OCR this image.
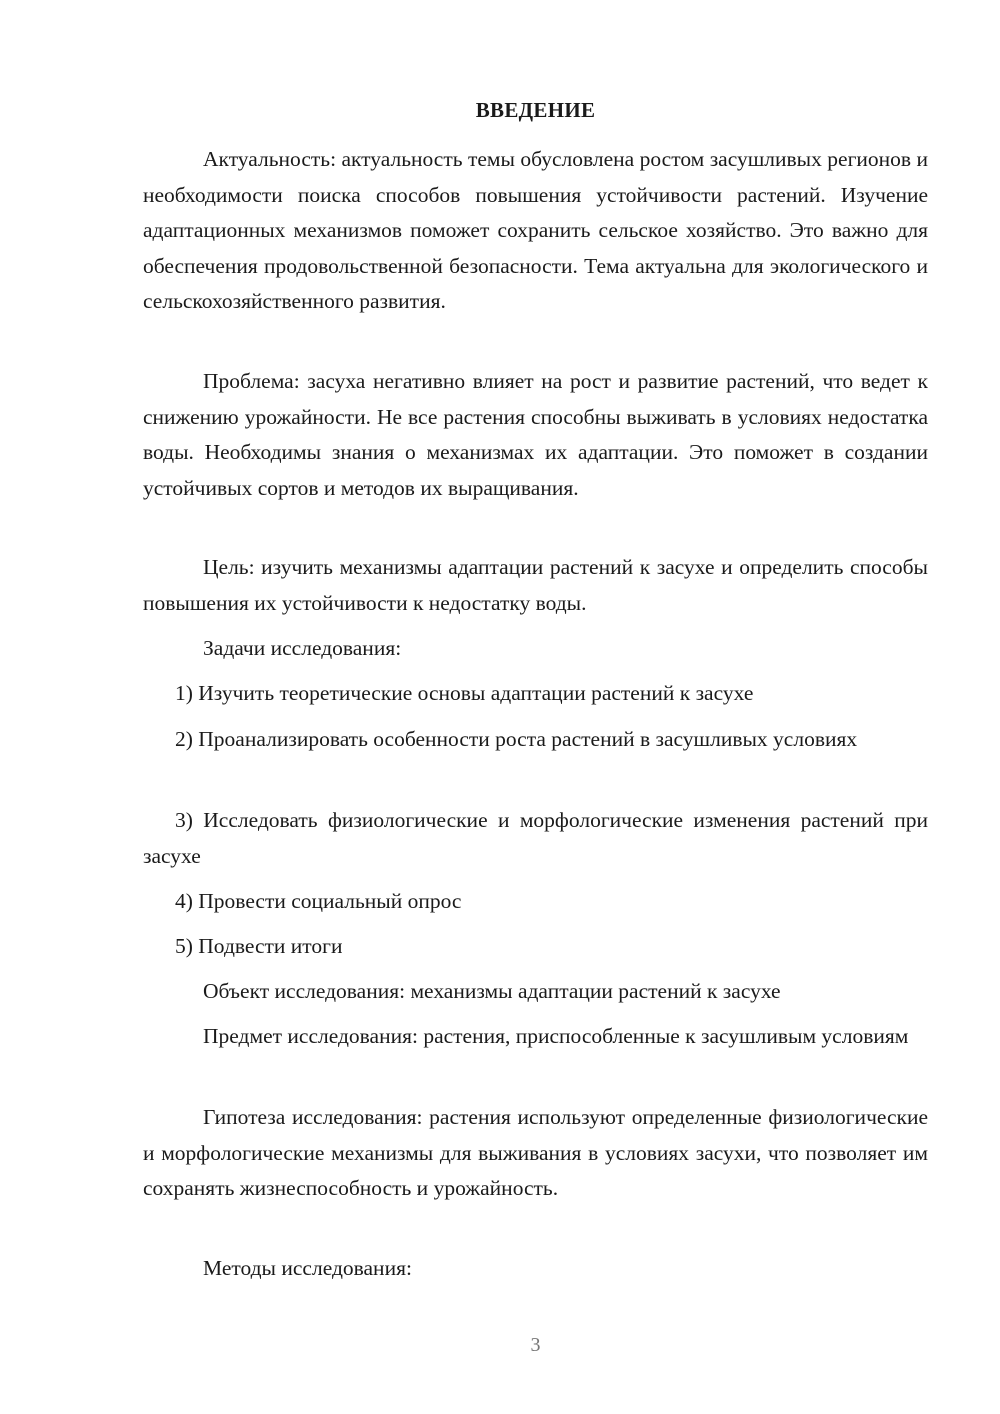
ВВЕДЕНИЕ

Актуальность: актуальность темы обусловлена ростом засушливых регионов и необходимости поиска способов повышения устойчивости растений. Изучение адаптационных механизмов поможет сохранить сельское хозяйство. Это важно для обеспечения продовольственной безопасности. Тема актуальна для экологического и сельскохозяйственного развития.

Проблема: засуха негативно влияет на рост и развитие растений, что ведет к снижению урожайности. Не все растения способны выживать в условиях недостатка воды. Необходимы знания о механизмах их адаптации. Это поможет в создании устойчивых сортов и методов их выращивания.

Цель: изучить механизмы адаптации растений к засухе и определить способы повышения их устойчивости к недостатку воды.

Задачи исследования:

1) Изучить теоретические основы адаптации растений к засухе

2) Проанализировать особенности роста растений в засушливых условиях

3) Исследовать физиологические и морфологические изменения растений при засухе

4) Провести социальный опрос

5) Подвести итоги

Объект исследования: механизмы адаптации растений к засухе

Предмет исследования: растения, приспособленные к засушливым условиям

Гипотеза исследования: растения используют определенные физиологические и морфологические механизмы для выживания в условиях засухи, что позволяет им сохранять жизнеспособность и урожайность.

Методы исследования:

3
